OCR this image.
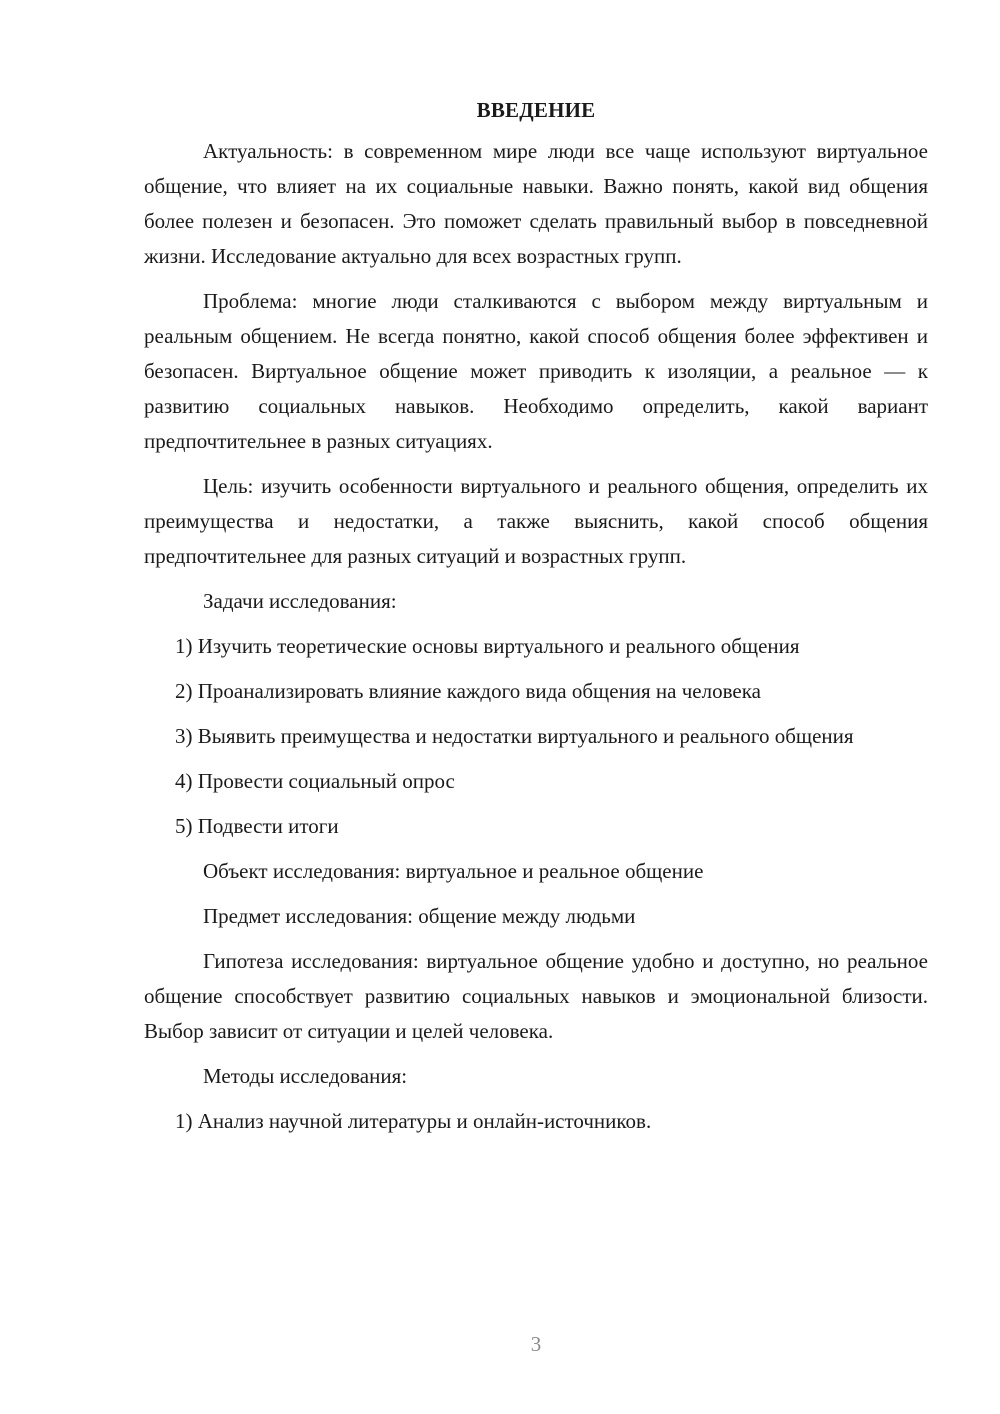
ВВЕДЕНИЕ

Актуальность: в современном мире люди все чаще используют виртуальное общение, что влияет на их социальные навыки. Важно понять, какой вид общения более полезен и безопасен. Это поможет сделать правильный выбор в повседневной жизни. Исследование актуально для всех возрастных групп.

Проблема: многие люди сталкиваются с выбором между виртуальным и реальным общением. Не всегда понятно, какой способ общения более эффективен и безопасен. Виртуальное общение может приводить к изоляции, а реальное — к развитию социальных навыков. Необходимо определить, какой вариант предпочтительнее в разных ситуациях.

Цель: изучить особенности виртуального и реального общения, определить их преимущества и недостатки, а также выяснить, какой способ общения предпочтительнее для разных ситуаций и возрастных групп.

Задачи исследования:

1) Изучить теоретические основы виртуального и реального общения

2) Проанализировать влияние каждого вида общения на человека

3) Выявить преимущества и недостатки виртуального и реального общения

4) Провести социальный опрос

5) Подвести итоги

Объект исследования: виртуальное и реальное общение

Предмет исследования: общение между людьми

Гипотеза исследования: виртуальное общение удобно и доступно, но реальное общение способствует развитию социальных навыков и эмоциональной близости. Выбор зависит от ситуации и целей человека.

Методы исследования:

1) Анализ научной литературы и онлайн-источников.

3
